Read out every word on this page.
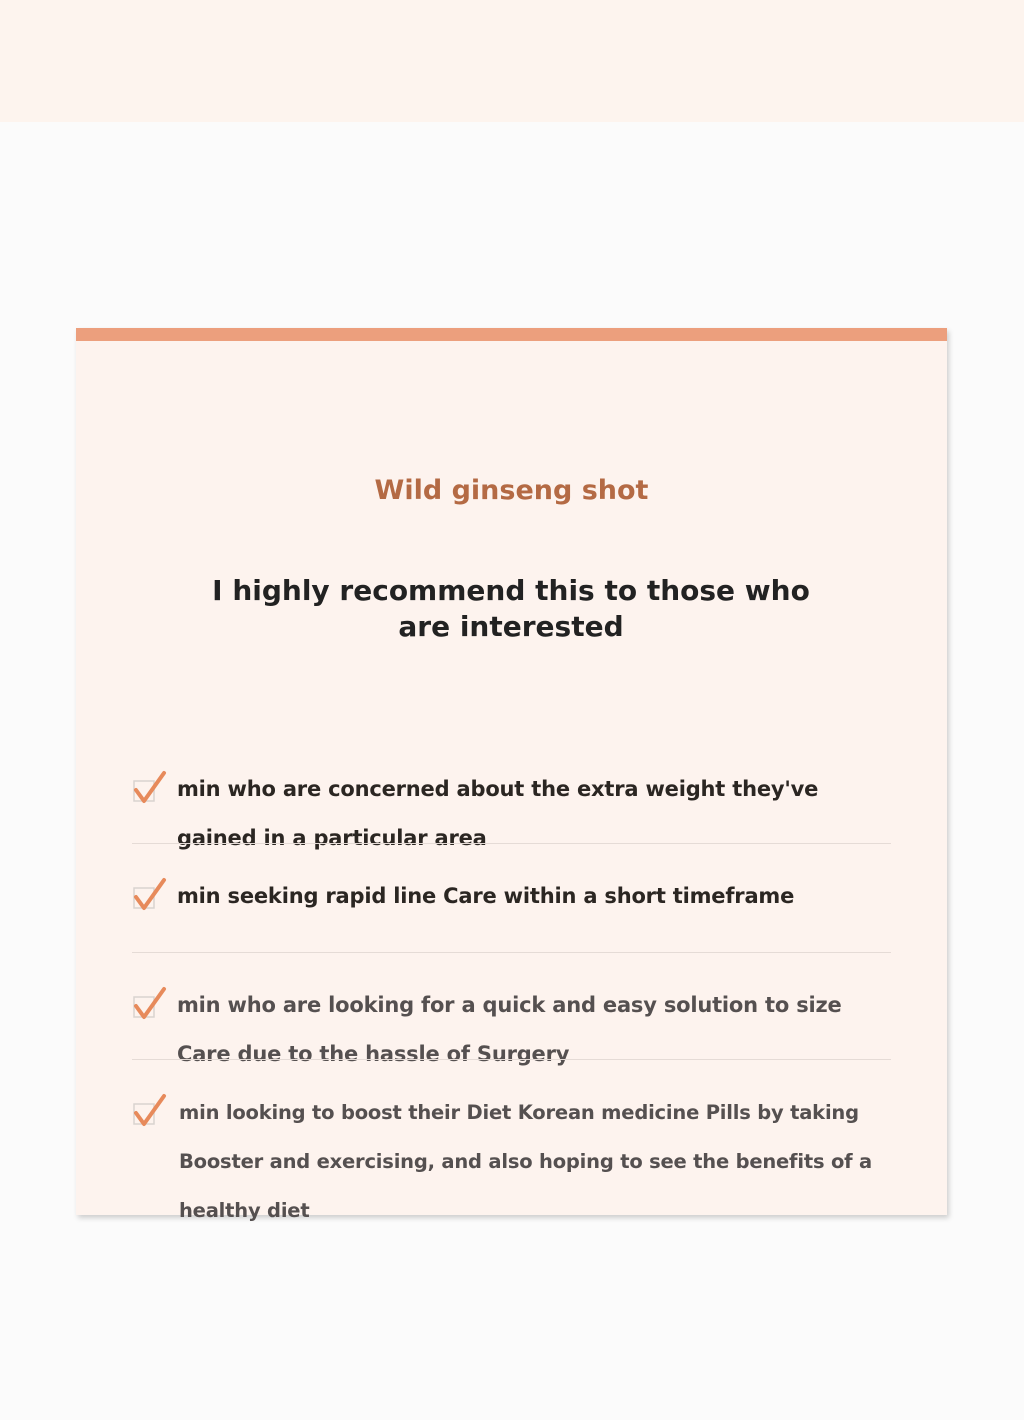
Wild ginseng shot
I highly recommend this to those who are interested
min who are concerned about the extra weight they've gained in a particular area
min seeking rapid line Care within a short timeframe
min who are looking for a quick and easy solution to size Care due to the hassle of Surgery
min looking to boost their Diet Korean medicine Pills by taking Booster and exercising, and also hoping to see the benefits of a healthy diet
